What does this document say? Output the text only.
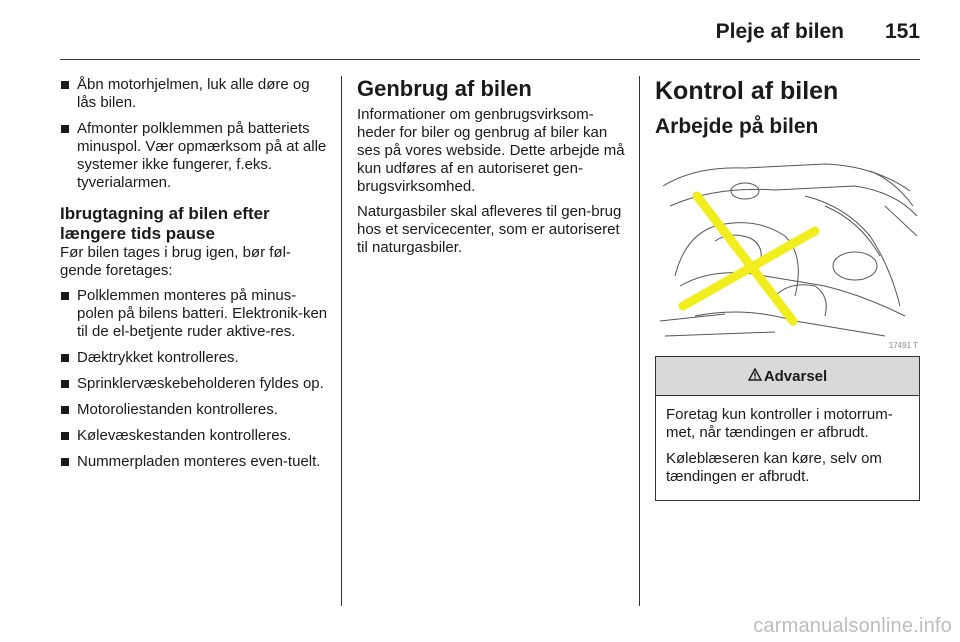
Pleje af bilen 151
Åbn motorhjelmen, luk alle døre og lås bilen.
Afmonter polklemmen på batteriets minuspol. Vær opmærksom på at alle systemer ikke fungerer, f.eks. tyverialarmen.
Ibrugtagning af bilen efter længere tids pause

Før bilen tages i brug igen, bør føl-gende foretages:

Polklemmen monteres på minus-polen på bilens batteri. Elektronik-ken til de el-betjente ruder aktive-res.
Dæktrykket kontrolleres.
Sprinklervæskebeholderen fyldes op.
Motoroliestanden kontrolleres.
Kølevæskestanden kontrolleres.
Nummerpladen monteres even-tuelt.
Genbrug af bilen

Informationer om genbrugsvirksom-heder for biler og genbrug af biler kan ses på vores webside. Dette arbejde må kun udføres af en autoriseret gen-brugsvirksomhed.

Naturgasbiler skal afleveres til gen-brug hos et servicecenter, som er autoriseret til naturgasbiler.

Kontrol af bilen
Arbejde på bilen
17491 T
Advarsel

Foretag kun kontroller i motorrum-met, når tændingen er afbrudt.

Køleblæseren kan køre, selv om tændingen er afbrudt.

carmanualsonline.info
